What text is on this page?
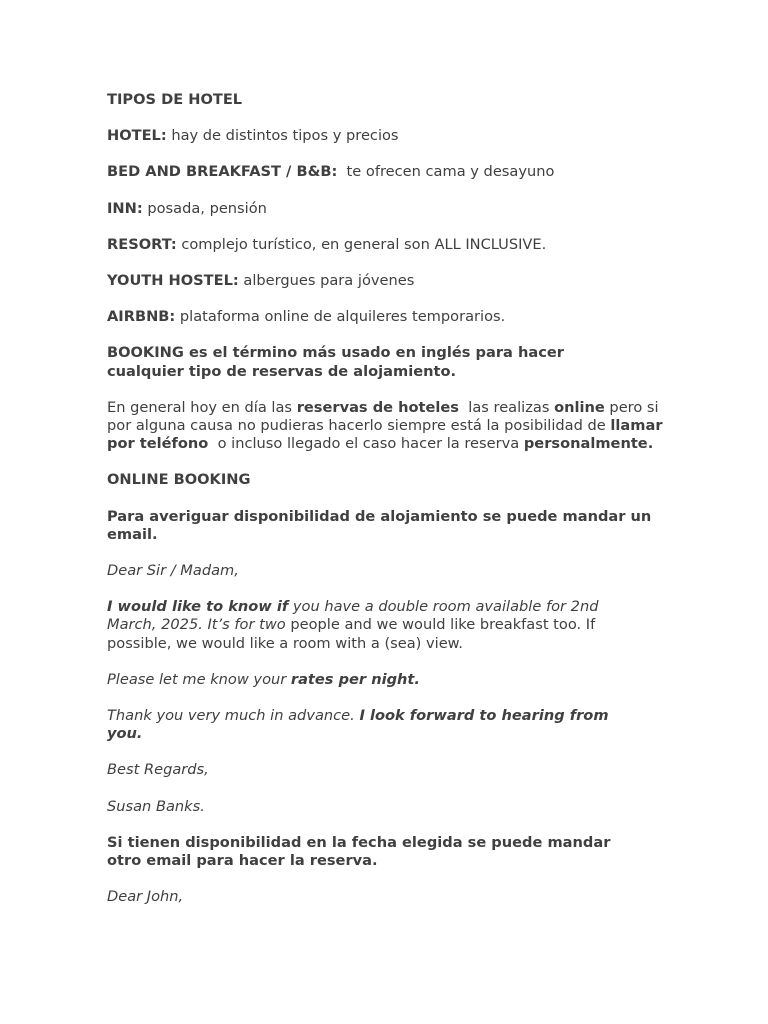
TIPOS DE HOTEL

HOTEL: hay de distintos tipos y precios

BED AND BREAKFAST / B&B:  te ofrecen cama y desayuno

INN: posada, pensión

RESORT: complejo turístico, en general son ALL INCLUSIVE.

YOUTH HOSTEL: albergues para jóvenes

AIRBNB: plataforma online de alquileres temporarios.

BOOKING es el término más usado en inglés para hacer cualquier tipo de reservas de alojamiento.

En general hoy en día las reservas de hoteles  las realizas online pero si por alguna causa no pudieras hacerlo siempre está la posibilidad de llamar por teléfono  o incluso llegado el caso hacer la reserva personalmente.

ONLINE BOOKING

Para averiguar disponibilidad de alojamiento se puede mandar un email.

Dear Sir / Madam,

I would like to know if you have a double room available for 2nd March, 2025. It’s for two people and we would like breakfast too. If possible, we would like a room with a (sea) view.

Please let me know your rates per night.

Thank you very much in advance. I look forward to hearing from you.

Best Regards,

Susan Banks.

Si tienen disponibilidad en la fecha elegida se puede mandar otro email para hacer la reserva.

Dear John,
